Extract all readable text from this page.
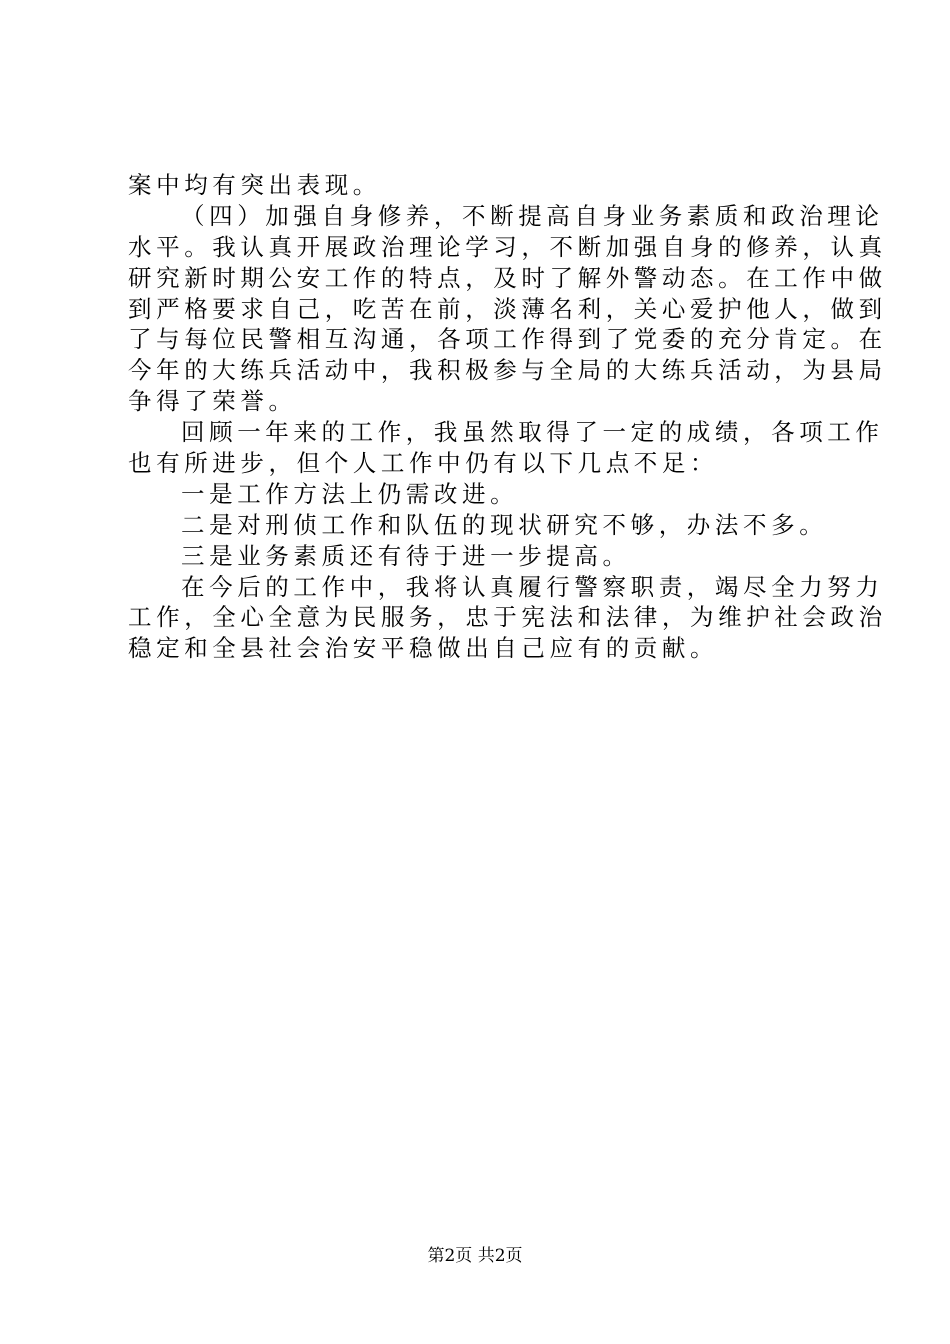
案中均有突出表现。
（四）加强自身修养，不断提高自身业务素质和政治理论
水平。我认真开展政治理论学习，不断加强自身的修养，认真
研究新时期公安工作的特点，及时了解外警动态。在工作中做
到严格要求自己，吃苦在前，淡薄名利，关心爱护他人，做到
了与每位民警相互沟通，各项工作得到了党委的充分肯定。在
今年的大练兵活动中，我积极参与全局的大练兵活动，为县局
争得了荣誉。
回顾一年来的工作，我虽然取得了一定的成绩，各项工作
也有所进步，但个人工作中仍有以下几点不足：
一是工作方法上仍需改进。
二是对刑侦工作和队伍的现状研究不够，办法不多。
三是业务素质还有待于进一步提高。
在今后的工作中，我将认真履行警察职责，竭尽全力努力
工作，全心全意为民服务，忠于宪法和法律，为维护社会政治
稳定和全县社会治安平稳做出自己应有的贡献。
第2页 共2页
